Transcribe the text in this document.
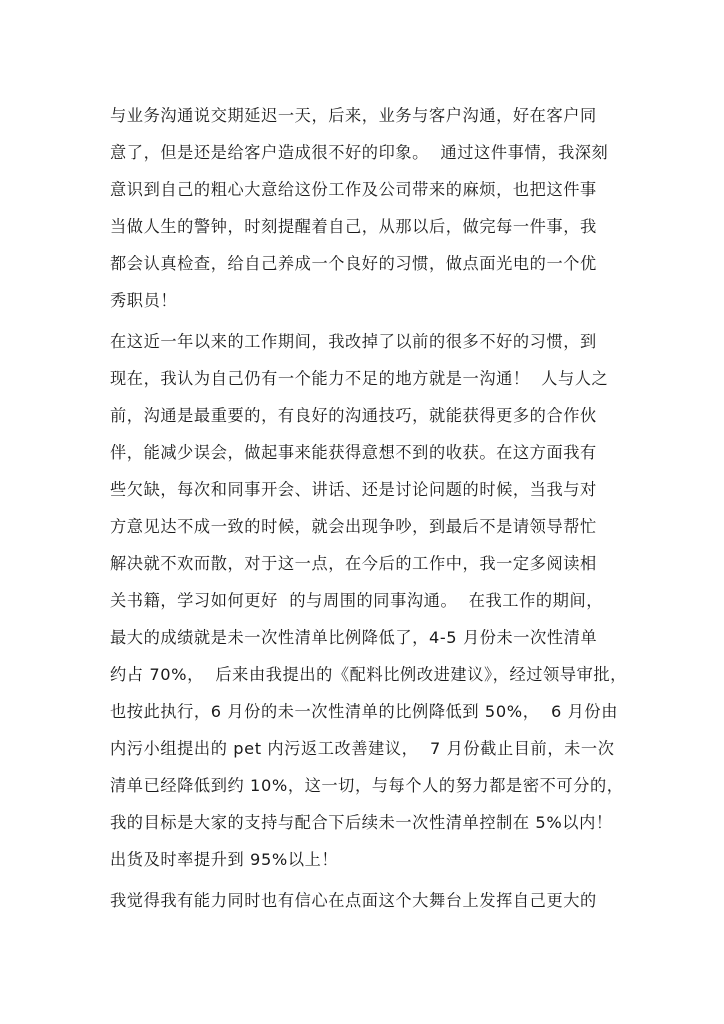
与业务沟通说交期延迟一天，后来，业务与客户沟通，好在客户同
意了，但是还是给客户造成很不好的印象。  通过这件事情，我深刻
意识到自己的粗心大意给这份工作及公司带来的麻烦，也把这件事
当做人生的警钟，时刻提醒着自己，从那以后，做完每一件事，我
都会认真检查，给自己养成一个良好的习惯，做点面光电的一个优
秀职员！
在这近一年以来的工作期间，我改掉了以前的很多不好的习惯，到
现在，我认为自己仍有一个能力不足的地方就是一沟通！  人与人之
前，沟通是最重要的，有良好的沟通技巧，就能获得更多的合作伙
伴，能减少误会，做起事来能获得意想不到的收获。在这方面我有
些欠缺，每次和同事开会、讲话、还是讨论问题的时候，当我与对
方意见达不成一致的时候，就会出现争吵，到最后不是请领导帮忙
解决就不欢而散，对于这一点，在今后的工作中，我一定多阅读相
关书籍，学习如何更好  的与周围的同事沟通。  在我工作的期间，
最大的成绩就是未一次性清单比例降低了，4-5 月份未一次性清单
约占 70%，  后来由我提出的《配料比例改进建议》，经过领导审批，
也按此执行，6 月份的未一次性清单的比例降低到 50%，  6 月份由
内污小组提出的 pet 内污返工改善建议，  7 月份截止目前，未一次
清单已经降低到约 10%，这一切，与每个人的努力都是密不可分的，
我的目标是大家的支持与配合下后续未一次性清单控制在 5%以内！
出货及时率提升到 95%以上！
我觉得我有能力同时也有信心在点面这个大舞台上发挥自己更大的
